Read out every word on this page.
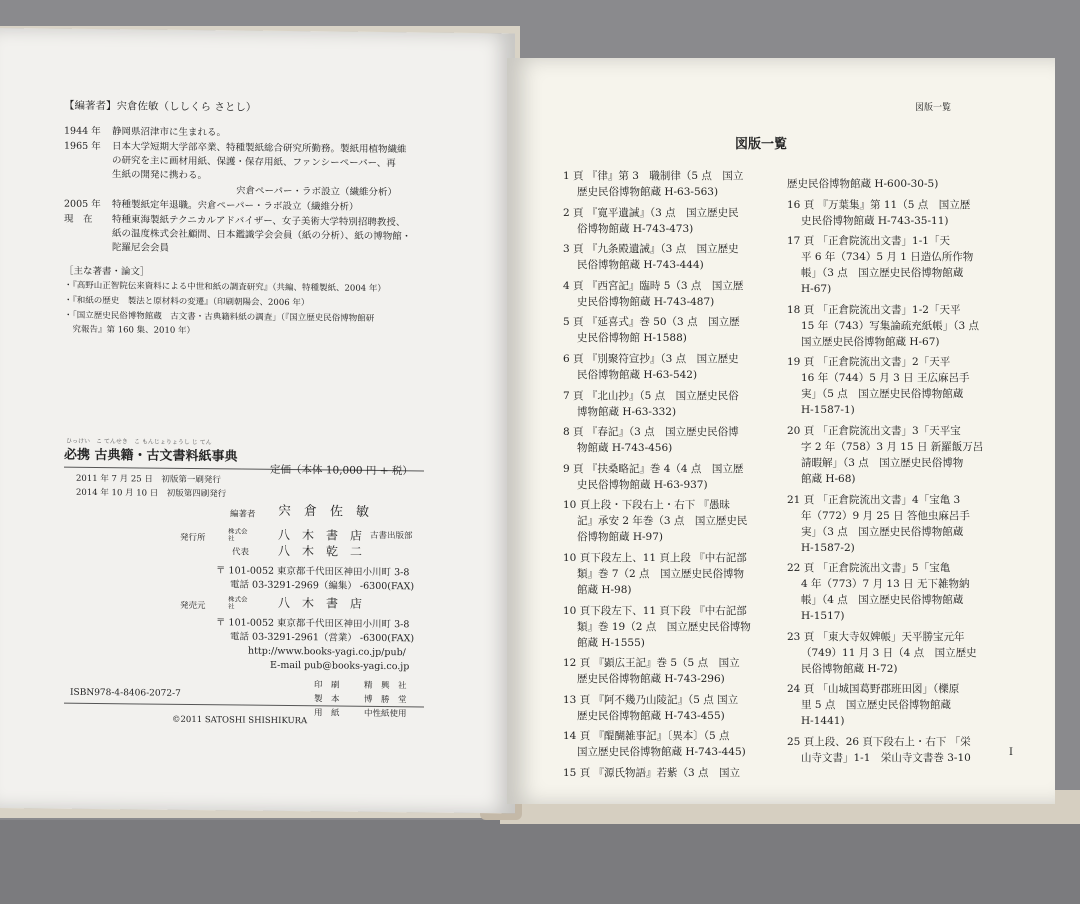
【編著者】宍倉佐敏（ししくら さとし）
1944 年 静岡県沼津市に生まれる。
1965 年 日本大学短期大学部卒業、特種製紙総合研究所勤務。製紙用植物繊維
の研究を主に画材用紙、保護・保存用紙、ファンシーペーパー、再
生紙の開発に携わる。
宍倉ペーパー・ラボ設立（繊維分析）
2005 年 特種製紙定年退職。宍倉ペーパー・ラボ設立（繊維分析）
現　在 特種東海製紙テクニカルアドバイザー、女子美術大学特別招聘教授、
紙の温度株式会社顧問、日本鑑識学会会員（紙の分析）、紙の博物館・
陀羅尼会会員
［主な著書・論文］
・『高野山正智院伝来資料による中世和紙の調査研究』（共編、特種製紙、2004 年）
・『和紙の歴史　製法と原材料の変遷』（印刷朝陽会、2006 年）
・「国立歴史民俗博物館蔵　古文書・古典籍料紙の調査」（『国立歴史民俗博物館研
　究報告』第 160 集、2010 年）
ひっけい　こ てんせき　こ もんじょりょうし じ てん
必携 古典籍・古文書料紙事典
2011 年 7 月 25 日　初版第一刷発行
定価（本体 10,000 円 + 税）
2014 年 10 月 10 日　初版第四刷発行
編著者 宍　倉　佐　敏
発行所
株式会社	八　木　書　店 古書出版部
代表 八　木　乾　二
〒 101-0052 東京都千代田区神田小川町 3-8
電話 03-3291-2969（編集） -6300(FAX)
発売元
株式会社	八　木　書　店
〒 101-0052 東京都千代田区神田小川町 3-8
電話 03-3291-2961（営業） -6300(FAX)
http://www.books-yagi.co.jp/pub/
E-mail pub@books-yagi.co.jp
印　刷	精　興　社
製　本	博　勝　堂
用　紙	中性紙使用
ISBN978-4-8406-2072-7
©2011 SATOSHI SHISHIKURA
図版一覧
図版一覧
1 頁 『律』第 3　職制律（5 点　国立
歴史民俗博物館蔵 H-63-563)
2 頁 『寛平遺誡』（3 点　国立歴史民
俗博物館蔵 H-743-473)
3 頁 『九条殿遺誡』（3 点　国立歴史
民俗博物館蔵 H-743-444)
4 頁 『西宮記』臨時 5（3 点　国立歴
史民俗博物館蔵 H-743-487)
5 頁 『延喜式』巻 50（3 点　国立歴
史民俗博物館 H-1588)
6 頁 『別聚符宣抄』（3 点　国立歴史
民俗博物館蔵 H-63-542)
7 頁 『北山抄』（5 点　国立歴史民俗
博物館蔵 H-63-332)
8 頁 『春記』（3 点　国立歴史民俗博
物館蔵 H-743-456)
9 頁 『扶桑略記』巻 4（4 点　国立歴
史民俗博物館蔵 H-63-937)
10 頁上段・下段右上・右下 『愚昧
記』承安 2 年巻（3 点　国立歴史民
俗博物館蔵 H-97)
10 頁下段左上、11 頁上段 『中右記部
類』巻 7（2 点　国立歴史民俗博物
館蔵 H-98)
10 頁下段左下、11 頁下段 『中右記部
類』巻 19（2 点　国立歴史民俗博物
館蔵 H-1555)
12 頁 『顕広王記』巻 5（5 点　国立
歴史民俗博物館蔵 H-743-296)
13 頁 『阿不幾乃山陵記』（5 点 国立
歴史民俗博物館蔵 H-743-455)
14 頁 『醍醐雑事記』〔異本〕（5 点
国立歴史民俗博物館蔵 H-743-445)
15 頁 『源氏物語』若紫（3 点　国立
歴史民俗博物館蔵 H-600-30-5)
16 頁 『万葉集』第 11（5 点　国立歴
史民俗博物館蔵 H-743-35-11)
17 頁 「正倉院流出文書」1-1「天
平 6 年（734）5 月 1 日造仏所作物
帳」（3 点　国立歴史民俗博物館蔵
H-67)
18 頁 「正倉院流出文書」1-2「天平
15 年（743）写集論疏充紙帳」（3 点
国立歴史民俗博物館蔵 H-67)
19 頁 「正倉院流出文書」2「天平
16 年（744）5 月 3 日 王広麻呂手
実」（5 点　国立歴史民俗博物館蔵
H-1587-1)
20 頁 「正倉院流出文書」3「天平宝
字 2 年（758）3 月 15 日 新羅飯万呂
請暇解」（3 点　国立歴史民俗博物
館蔵 H-68)
21 頁 「正倉院流出文書」4「宝亀 3
年（772）9 月 25 日 答他虫麻呂手
実」（3 点　国立歴史民俗博物館蔵
H-1587-2)
22 頁 「正倉院流出文書」5「宝亀
4 年（773）7 月 13 日 无下雑物納
帳」（4 点　国立歴史民俗博物館蔵
H-1517)
23 頁 「東大寺奴婢帳」天平勝宝元年
（749）11 月 3 日（4 点　国立歴史
民俗博物館蔵 H-72)
24 頁 「山城国葛野郡班田図」（櫟原
里 5 点　国立歴史民俗博物館蔵
H-1441)
25 頁上段、26 頁下段右上・右下 「栄
山寺文書」1-1　栄山寺文書巻 3-10	I
